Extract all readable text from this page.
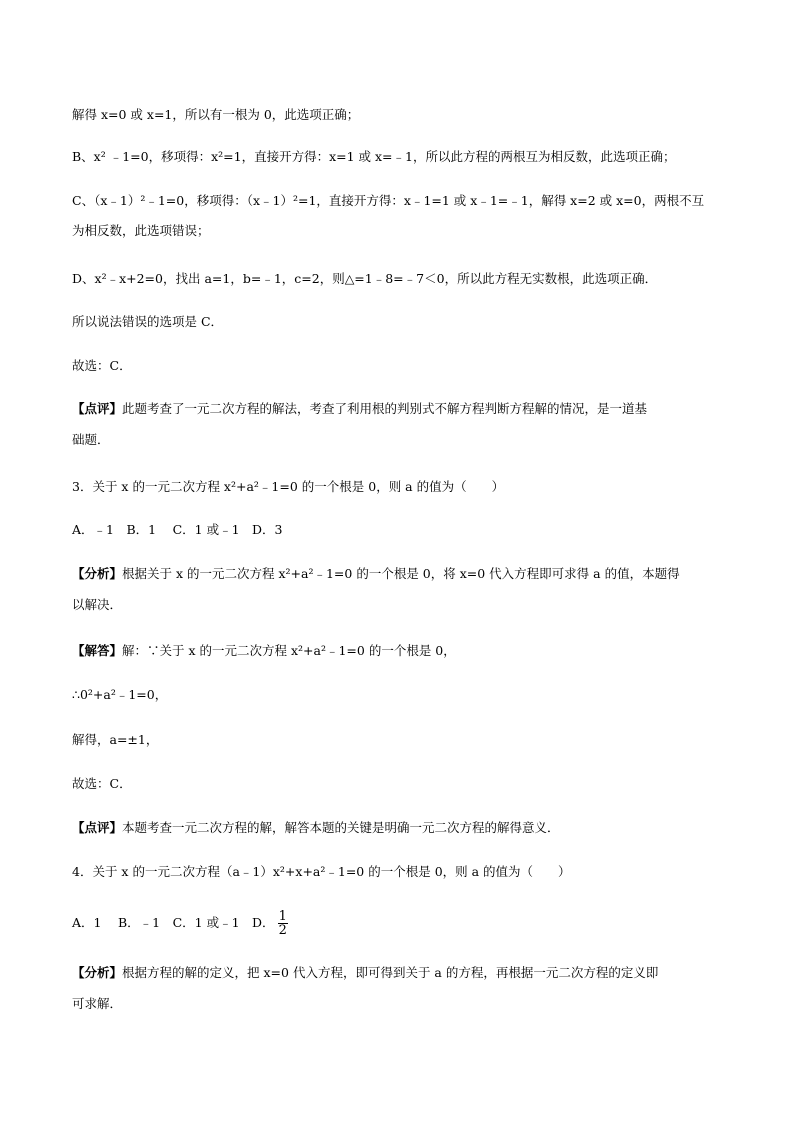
解得 x=0 或 x=1，所以有一根为 0，此选项正确；
B、x² ﹣1=0，移项得：x²=1，直接开方得：x=1 或 x=﹣1，所以此方程的两根互为相反数，此选项正确；
C、（x﹣1）²﹣1=0，移项得：（x﹣1）²=1，直接开方得：x﹣1=1 或 x﹣1=﹣1，解得 x=2 或 x=0，两根不互
为相反数，此选项错误；
D、x²﹣x+2=0，找出 a=1，b=﹣1，c=2，则△=1﹣8=﹣7＜0，所以此方程无实数根，此选项正确．
所以说法错误的选项是 C．
故选：C．
【点评】此题考查了一元二次方程的解法，考查了利用根的判别式不解方程判断方程解的情况，是一道基
础题．
3．关于 x 的一元二次方程 x²+a²﹣1=0 的一个根是 0，则 a 的值为（　　）
A．﹣1　B．1　 C．1 或﹣1　D．3
【分析】根据关于 x 的一元二次方程 x²+a²﹣1=0 的一个根是 0，将 x=0 代入方程即可求得 a 的值，本题得
以解决．
【解答】解：∵关于 x 的一元二次方程 x²+a²﹣1=0 的一个根是 0，
∴0²+a²﹣1=0，
解得，a=±1，
故选：C．
【点评】本题考查一元二次方程的解，解答本题的关键是明确一元二次方程的解得意义．
4．关于 x 的一元二次方程（a﹣1）x²+x+a²﹣1=0 的一个根是 0，则 a 的值为（　　）
A．1　 B．﹣1　C．1 或﹣1　D． $\frac{1}{2}$
【分析】根据方程的解的定义，把 x=0 代入方程，即可得到关于 a 的方程，再根据一元二次方程的定义即
可求解．
